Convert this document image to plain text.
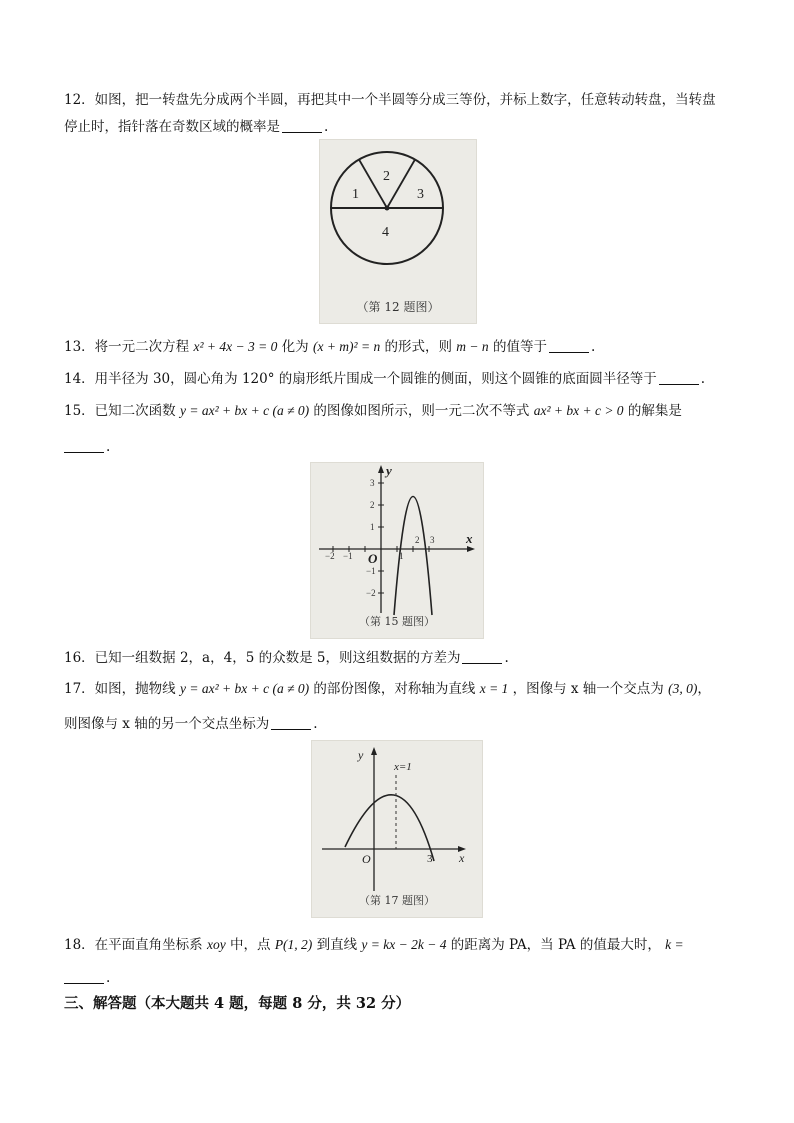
12．如图，把一转盘先分成两个半圆，再把其中一个半圆等分成三等份，并标上数字，任意转动转盘，当转盘
停止时，指针落在奇数区域的概率是	.
1
2
3
4
（第 12 题图）
13．将一元二次方程 x² + 4x − 3 = 0 化为 (x + m)² = n 的形式，则 m − n 的值等于	.
14．用半径为 30，圆心角为 120° 的扇形纸片围成一个圆锥的侧面，则这个圆锥的底面圆半径等于	.
15．已知二次函数 y = ax² + bx + c (a ≠ 0) 的图像如图所示，则一元二次不等式 ax² + bx + c > 0 的解集是
.
−2 −1	1
2 3
3
2
1
−1
−2
O
x
y
（第 15 题图）
16．已知一组数据 2，a，4，5 的众数是 5，则这组数据的方差为	.
17．如图，抛物线 y = ax² + bx + c (a ≠ 0) 的部份图像，对称轴为直线 x = 1 ，图像与 x 轴一个交点为 (3, 0)，
则图像与 x 轴的另一个交点坐标为	.
O	3 x
y
x=1
（第 17 题图）
18．在平面直角坐标系 xoy 中，点 P(1, 2) 到直线 y = kx − 2k − 4 的距离为 PA，当 PA 的值最大时， k =
.
三、解答题（本大题共 4 题，每题 8 分，共 32 分）
